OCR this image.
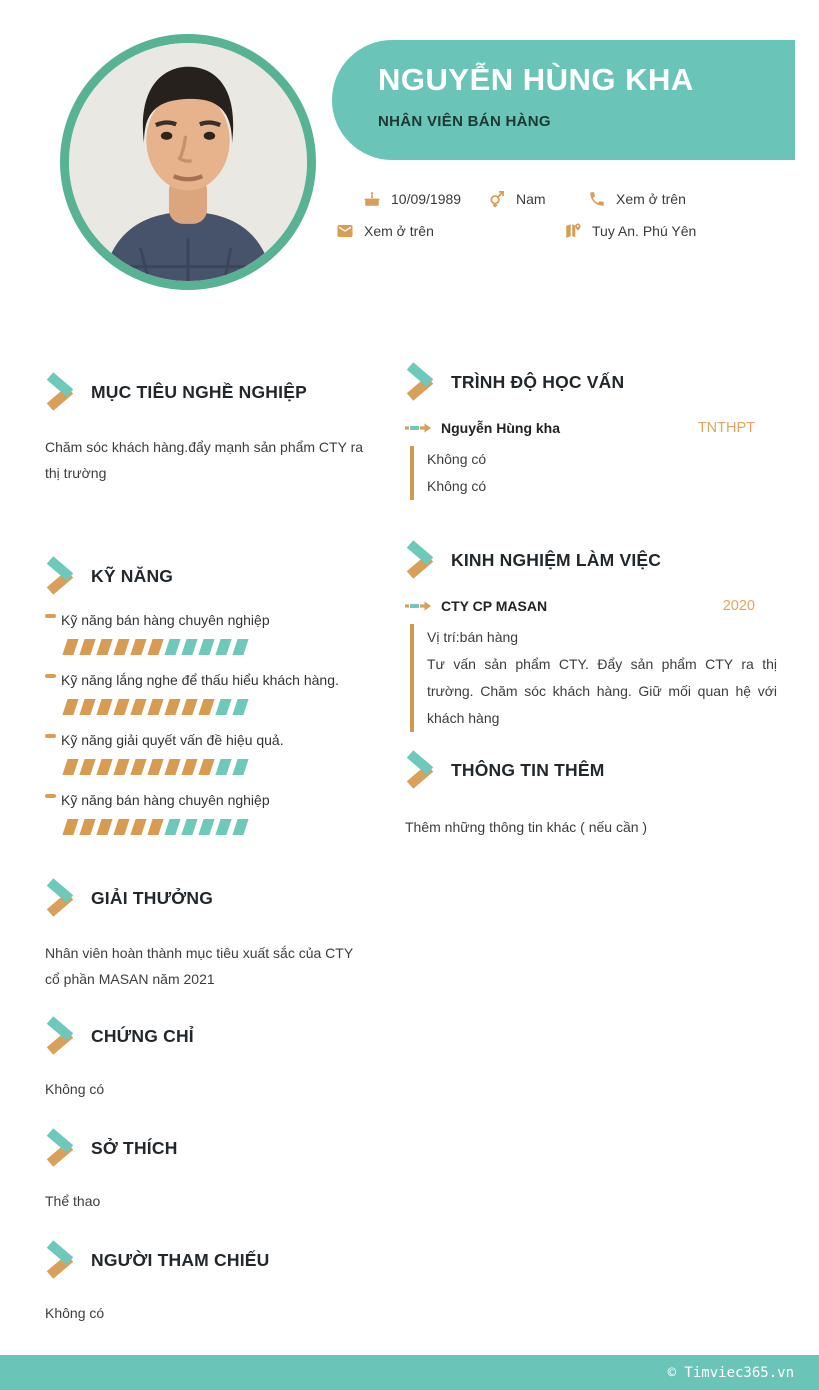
NGUYỄN HÙNG KHA
NHÂN VIÊN BÁN HÀNG
10/09/1989	Nam	Xem ở trên
Xem ở trên	Tuy An. Phú Yên
MỤC TIÊU NGHỀ NGHIỆP
Chăm sóc khách hàng.đẩy mạnh sản phẩm CTY ra thị trường
KỸ NĂNG
Kỹ năng bán hàng chuyên nghiệp
Kỹ năng lắng nghe để thấu hiểu khách hàng.
Kỹ năng giải quyết vấn đề hiệu quả.
Kỹ năng bán hàng chuyên nghiệp
GIẢI THƯỞNG
Nhân viên hoàn thành mục tiêu xuất sắc của CTY cổ phần MASAN năm 2021
CHỨNG CHỈ
Không có
SỞ THÍCH
Thể thao
NGƯỜI THAM CHIẾU
Không có
TRÌNH ĐỘ HỌC VẤN
Nguyễn Hùng kha	TNTHPT
Không có
Không có
KINH NGHIỆM LÀM VIỆC
CTY CP MASAN	2020
Vị trí:bán hàng
Tư vấn sản phẩm CTY. Đẩy sản phẩm CTY ra thị trường. Chăm sóc khách hàng. Giữ mối quan hệ với khách hàng
THÔNG TIN THÊM
Thêm những thông tin khác ( nếu cần )
© Timviec365.vn
